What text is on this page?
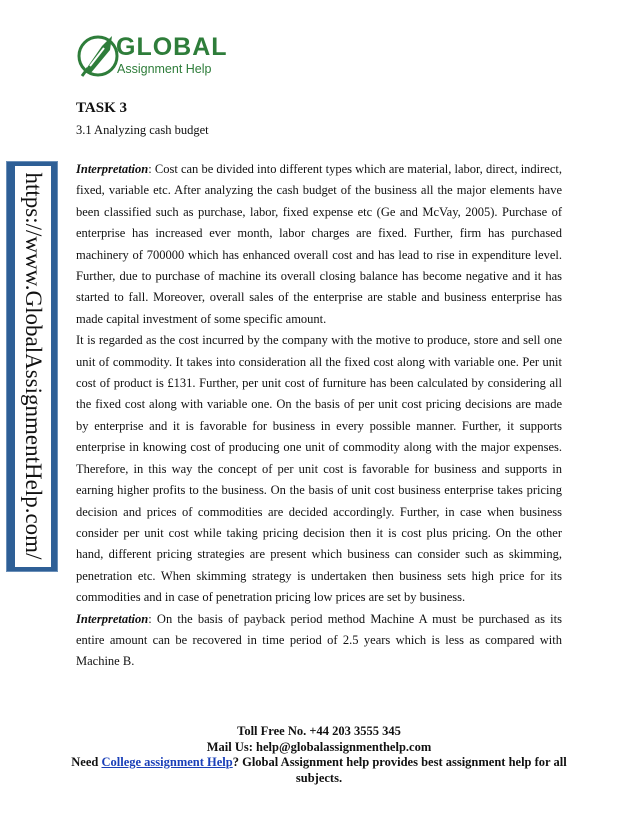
GLOBAL
Assignment Help
https://www.GlobalAssignmentHelp.com/
TASK 3
3.1 Analyzing cash budget

Interpretation: Cost can be divided into different types which are material, labor, direct, indirect, fixed, variable etc. After analyzing the cash budget of the business all the major elements have been classified such as purchase, labor, fixed expense etc (Ge and McVay, 2005). Purchase of enterprise has increased ever month, labor charges are fixed. Further, firm has purchased machinery of 700000 which has enhanced overall cost and has lead to rise in expenditure level. Further, due to purchase of machine its overall closing balance has become negative and it has started to fall. Moreover, overall sales of the enterprise are stable and business enterprise has made capital investment of some specific amount.

It is regarded as the cost incurred by the company with the motive to produce, store and sell one unit of commodity. It takes into consideration all the fixed cost along with variable one. Per unit cost of product is £131. Further, per unit cost of furniture has been calculated by considering all the fixed cost along with variable one. On the basis of per unit cost pricing decisions are made by enterprise and it is favorable for business in every possible manner. Further, it supports enterprise in knowing cost of producing one unit of commodity along with the major expenses. Therefore, in this way the concept of per unit cost is favorable for business and supports in earning higher profits to the business. On the basis of unit cost business enterprise takes pricing decision and prices of commodities are decided accordingly. Further, in case when business consider per unit cost while taking pricing decision then it is cost plus pricing. On the other hand, different pricing strategies are present which business can consider such as skimming, penetration etc. When skimming strategy is undertaken then business sets high price for its commodities and in case of penetration pricing low prices are set by business.

Interpretation: On the basis of payback period method Machine A must be purchased as its entire amount can be recovered in time period of 2.5 years which is less as compared with Machine B.

Toll Free No. +44 203 3555 345
Mail Us: help@globalassignmenthelp.com
Need College assignment Help? Global Assignment help provides best assignment help for all subjects.
